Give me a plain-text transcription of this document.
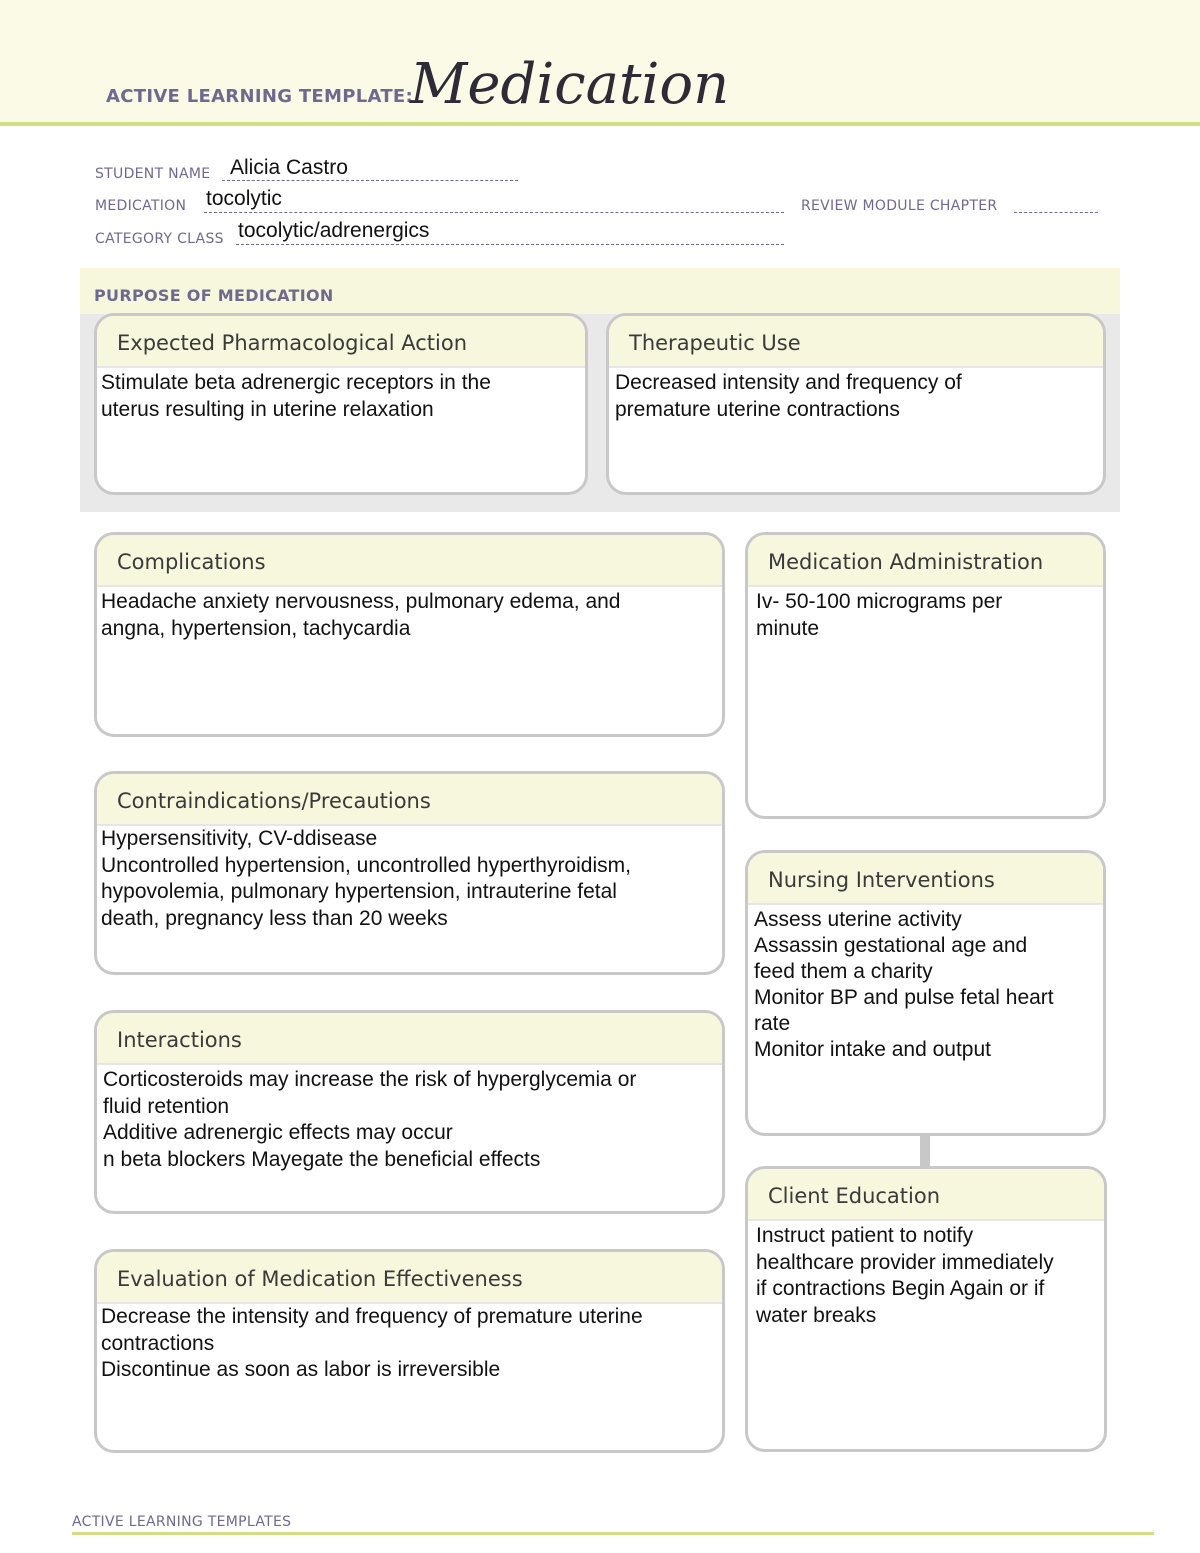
ACTIVE LEARNING TEMPLATE:
Medication
STUDENT NAME Alicia Castro
MEDICATION tocolytic	REVIEW MODULE CHAPTER
CATEGORY CLASS tocolytic/adrenergics
PURPOSE OF MEDICATION
Expected Pharmacological Action
Stimulate beta adrenergic receptors in the
uterus resulting in uterine relaxation
Therapeutic Use
Decreased intensity and frequency of
premature uterine contractions
Complications
Headache anxiety nervousness, pulmonary edema, and
angna, hypertension, tachycardia
Medication Administration
Iv- 50-100 micrograms per
minute
Contraindications/Precautions
Hypersensitivity, CV-ddisease
Uncontrolled hypertension, uncontrolled hyperthyroidism,
hypovolemia, pulmonary hypertension, intrauterine fetal
death, pregnancy less than 20 weeks
Nursing Interventions
Assess uterine activity
Assassin gestational age and
feed them a charity
Monitor BP and pulse fetal heart
rate
Monitor intake and output
Interactions
Corticosteroids may increase the risk of hyperglycemia or
fluid retention
Additive adrenergic effects may occur
n beta blockers Mayegate the beneficial effects
Client Education
Instruct patient to notify
healthcare provider immediately
if contractions Begin Again or if
water breaks
Evaluation of Medication Effectiveness
Decrease the intensity and frequency of premature uterine
contractions
Discontinue as soon as labor is irreversible
ACTIVE LEARNING TEMPLATES
